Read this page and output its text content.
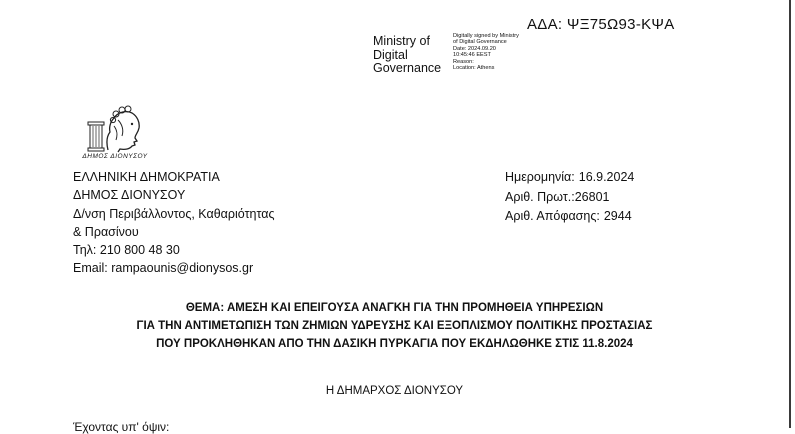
ΑΔΑ: ΨΞ75Ω93-ΚΨΑ
Ministry of
Digital
Governance
Digitally signed by Ministry
of Digital Governance
Date: 2024.09.20
10:45:46 EEST
Reason:
Location: Athens
ΔΗΜΟΣ ΔΙΟΝΥΣΟΥ
ΕΛΛΗΝΙΚΗ ΔΗΜΟΚΡΑΤΙΑ
ΔΗΜΟΣ ΔΙΟΝΥΣΟΥ
Δ/νση Περιβάλλοντος, Καθαριότητας
& Πρασίνου
Τηλ: 210 800 48 30
Email: rampaounis@dionysos.gr
Ημερομηνία: 16.9.2024
Αριθ. Πρωτ.:26801
Αριθ. Απόφασης: 2944
ΘΕΜΑ: ΑΜΕΣΗ ΚΑΙ ΕΠΕΙΓΟΥΣΑ ΑΝΑΓΚΗ ΓΙΑ ΤΗΝ ΠΡΟΜΗΘΕΙΑ ΥΠΗΡΕΣΙΩΝ
ΓΙΑ ΤΗΝ ΑΝΤΙΜΕΤΩΠΙΣΗ ΤΩΝ ΖΗΜΙΩΝ ΥΔΡΕΥΣΗΣ ΚΑΙ ΕΞΟΠΛΙΣΜΟΥ ΠΟΛΙΤΙΚΗΣ ΠΡΟΣΤΑΣΙΑΣ
ΠΟΥ ΠΡΟΚΛΗΘΗΚΑΝ ΑΠΟ ΤΗΝ ΔΑΣΙΚΗ ΠΥΡΚΑΓΙΑ ΠΟΥ ΕΚΔΗΛΩΘΗΚΕ ΣΤΙΣ 11.8.2024
Η ΔΗΜΑΡΧΟΣ ΔΙΟΝΥΣΟΥ
Έχοντας υπ' όψιν:
